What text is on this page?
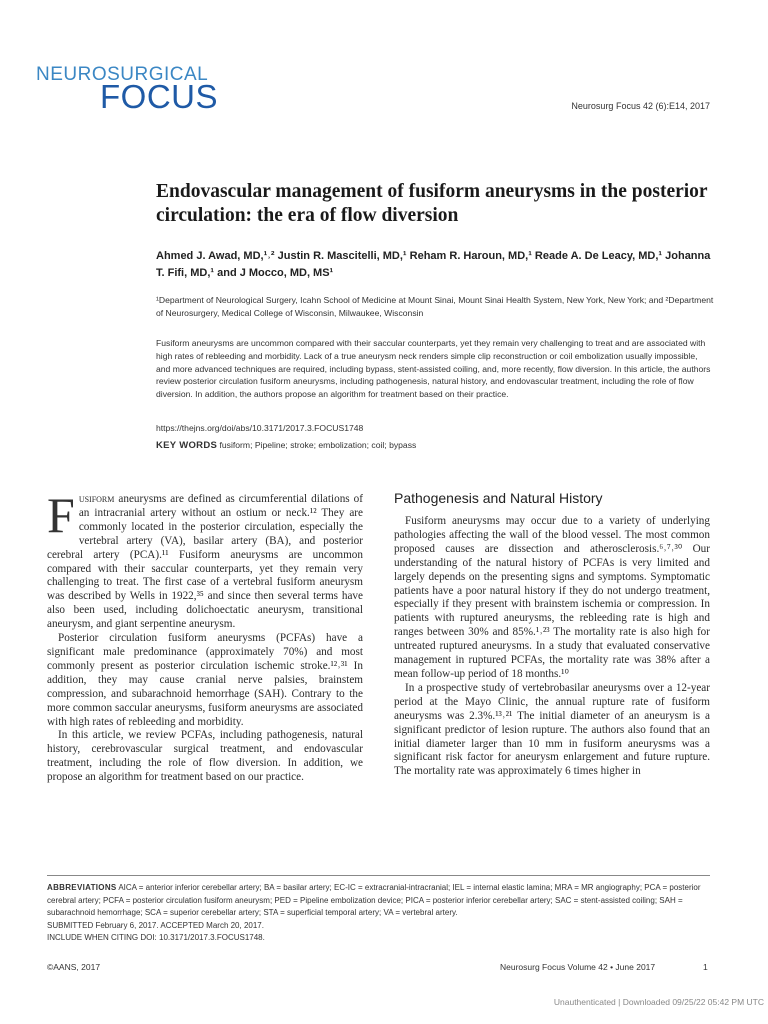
NEUROSURGICAL
FOCUS	Neurosurg Focus 42 (6):E14, 2017
Endovascular management of fusiform aneurysms in the posterior circulation: the era of flow diversion
Ahmed J. Awad, MD,¹˒² Justin R. Mascitelli, MD,¹ Reham R. Haroun, MD,¹ Reade A. De Leacy, MD,¹ Johanna T. Fifi, MD,¹ and J Mocco, MD, MS¹
¹Department of Neurological Surgery, Icahn School of Medicine at Mount Sinai, Mount Sinai Health System, New York, New York; and ²Department of Neurosurgery, Medical College of Wisconsin, Milwaukee, Wisconsin
Fusiform aneurysms are uncommon compared with their saccular counterparts, yet they remain very challenging to treat and are associated with high rates of rebleeding and morbidity. Lack of a true aneurysm neck renders simple clip reconstruction or coil embolization usually impossible, and more advanced techniques are required, including bypass, stent-assisted coiling, and, more recently, flow diversion. In this article, the authors review posterior circulation fusiform aneurysms, including pathogenesis, natural history, and endovascular treatment, including the role of flow diversion. In addition, the authors propose an algorithm for treatment based on their practice.
https://thejns.org/doi/abs/10.3171/2017.3.FOCUS1748
KEY WORDS fusiform; Pipeline; stroke; embolization; coil; bypass

Fusiform aneurysms are defined as circumferential dilations of an intracranial artery without an ostium or neck.¹² They are commonly located in the posterior circulation, especially the vertebral artery (VA), basilar artery (BA), and posterior cerebral artery (PCA).¹¹ Fusiform aneurysms are uncommon compared with their saccular counterparts, yet they remain very challenging to treat. The first case of a vertebral fusiform aneurysm was described by Wells in 1922,³⁵ and since then several terms have also been used, including dolichoectatic aneurysm, transitional aneurysm, and giant serpentine aneurysm.

Posterior circulation fusiform aneurysms (PCFAs) have a significant male predominance (approximately 70%) and most commonly present as posterior circulation ischemic stroke.¹²˒³¹ In addition, they may cause cranial nerve palsies, brainstem compression, and subarachnoid hemorrhage (SAH). Contrary to the more common saccular aneurysms, fusiform aneurysms are associated with high rates of rebleeding and morbidity.

In this article, we review PCFAs, including pathogenesis, natural history, cerebrovascular surgical treatment, and endovascular treatment, including the role of flow diversion. In addition, we propose an algorithm for treatment based on our practice.

Pathogenesis and Natural History

Fusiform aneurysms may occur due to a variety of underlying pathologies affecting the wall of the blood vessel. The most common proposed causes are dissection and atherosclerosis.⁶˒⁷˒³⁰ Our understanding of the natural history of PCFAs is very limited and largely depends on the presenting signs and symptoms. Symptomatic patients have a poor natural history if they do not undergo treatment, especially if they present with brainstem ischemia or compression. In patients with ruptured aneurysms, the rebleeding rate is high and ranges between 30% and 85%.¹˒²³ The mortality rate is also high for untreated ruptured aneurysms. In a study that evaluated conservative management in ruptured PCFAs, the mortality rate was 38% after a mean follow-up period of 18 months.¹⁰

In a prospective study of vertebrobasilar aneurysms over a 12-year period at the Mayo Clinic, the annual rupture rate of fusiform aneurysms was 2.3%.¹³˒²¹ The initial diameter of an aneurysm is a significant predictor of lesion rupture. The authors also found that an initial diameter larger than 10 mm in fusiform aneurysms was a significant risk factor for aneurysm enlargement and future rupture. The mortality rate was approximately 6 times higher in

ABBREVIATIONS AICA = anterior inferior cerebellar artery; BA = basilar artery; EC-IC = extracranial-intracranial; IEL = internal elastic lamina; MRA = MR angiography; PCA = posterior cerebral artery; PCFA = posterior circulation fusiform aneurysm; PED = Pipeline embolization device; PICA = posterior inferior cerebellar artery; SAC = stent-assisted coiling; SAH = subarachnoid hemorrhage; SCA = superior cerebellar artery; STA = superficial temporal artery; VA = vertebral artery.
SUBMITTED February 6, 2017. ACCEPTED March 20, 2017.
INCLUDE WHEN CITING DOI: 10.3171/2017.3.FOCUS1748.
©AANS, 2017	Neurosurg Focus Volume 42 • June 2017	1
Unauthenticated | Downloaded 09/25/22 05:42 PM UTC
